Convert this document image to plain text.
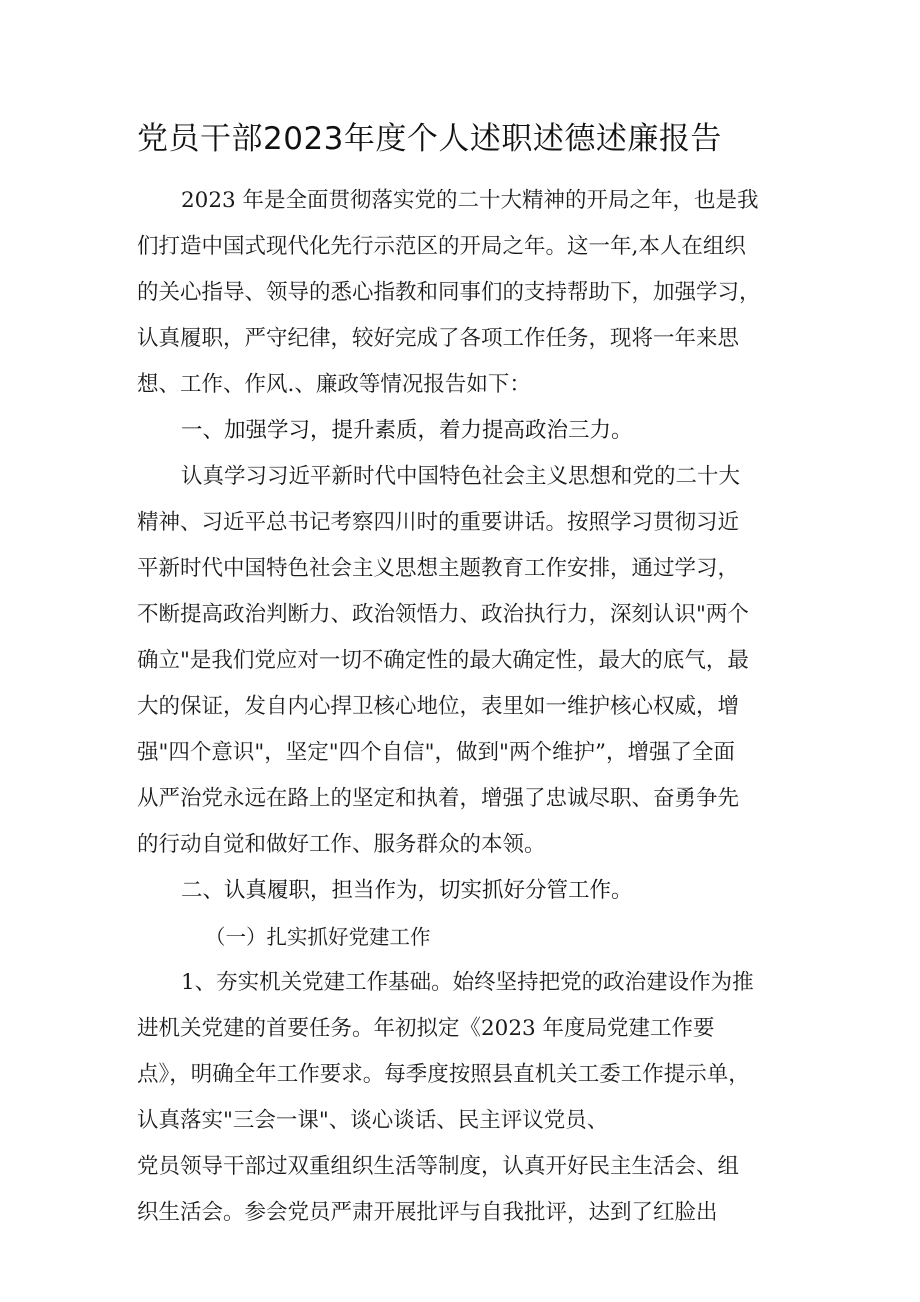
党员干部2023年度个人述职述德述廉报告
2023 年是全面贯彻落实党的二十大精神的开局之年，也是我
们打造中国式现代化先行示范区的开局之年。这一年,本人在组织
的关心指导、领导的悉心指教和同事们的支持帮助下，加强学习，
认真履职，严守纪律，较好完成了各项工作任务，现将一年来思
想、工作、作风.、廉政等情况报告如下：
一、加强学习，提升素质，着力提高政治三力。
认真学习习近平新时代中国特色社会主义思想和党的二十大
精神、习近平总书记考察四川时的重要讲话。按照学习贯彻习近
平新时代中国特色社会主义思想主题教育工作安排，通过学习，
不断提高政治判断力、政治领悟力、政治执行力，深刻认识"两个
确立"是我们党应对一切不确定性的最大确定性，最大的底气，最
大的保证，发自内心捍卫核心地位，表里如一维护核心权威，增
强"四个意识"，坚定"四个自信"，做到"两个维护”，增强了全面
从严治党永远在路上的坚定和执着，增强了忠诚尽职、奋勇争先
的行动自觉和做好工作、服务群众的本领。
二、认真履职，担当作为，切实抓好分管工作。
（一）扎实抓好党建工作
1、夯实机关党建工作基础。始终坚持把党的政治建设作为推
进机关党建的首要任务。年初拟定《2023 年度局党建工作要
点》，明确全年工作要求。每季度按照县直机关工委工作提示单，
认真落实"三会一课"、谈心谈话、民主评议党员、
党员领导干部过双重组织生活等制度，认真开好民主生活会、组
织生活会。参会党员严肃开展批评与自我批评，达到了红脸出
